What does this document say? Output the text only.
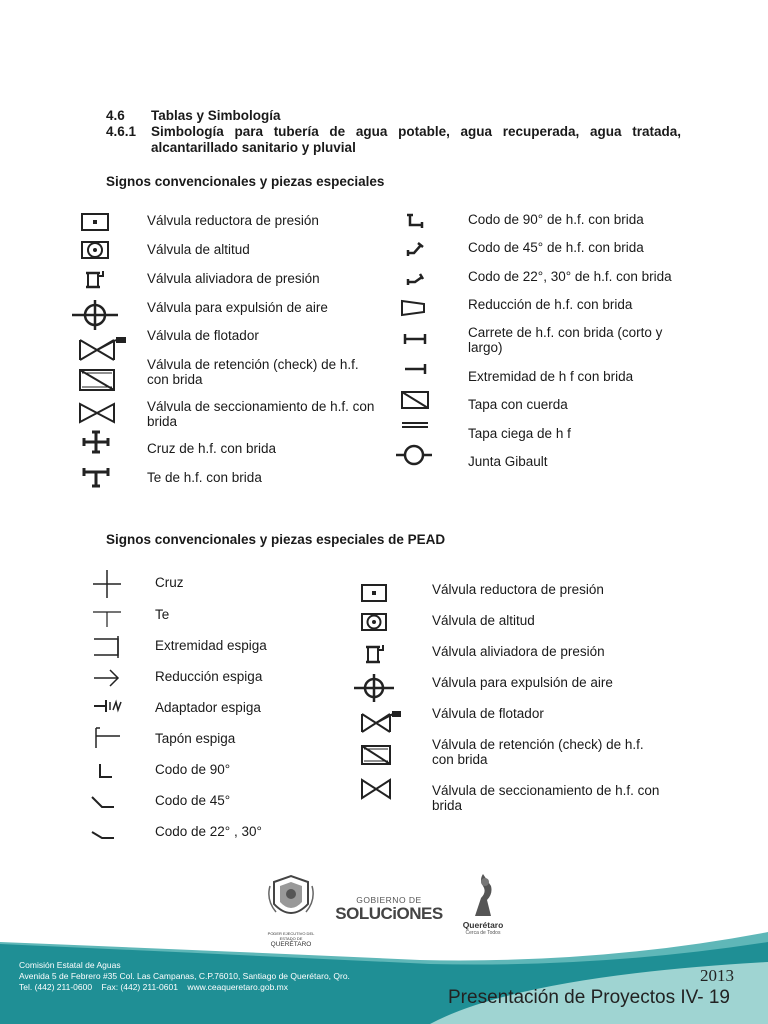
4.6 Tablas y Simbología
4.6.1 Simbología para tubería de agua potable, agua recuperada, agua tratada,
alcantarillado sanitario y pluvial
Signos convencionales y piezas especiales
Válvula reductora de presión
Válvula de altitud
Válvula aliviadora de presión
Válvula para expulsión de aire
Válvula de flotador
Válvula de retención (check) de h.f. con brida
Válvula de seccionamiento de h.f. con brida
Cruz de h.f. con brida
Te de h.f. con brida
Codo de 90° de h.f. con brida
Codo de 45° de h.f. con brida
Codo de 22°, 30° de h.f. con brida
Reducción de h.f. con brida
Carrete de h.f. con brida (corto y largo)
Extremidad de h f con brida
Tapa con cuerda
Tapa ciega de h f
Junta Gibault
Signos convencionales y piezas especiales de PEAD
Cruz
Te
Extremidad espiga
Reducción espiga
Adaptador espiga
Tapón espiga
Codo de 90°
Codo de 45°
Codo de 22° , 30°
Válvula reductora de presión
Válvula de altitud
Válvula aliviadora de presión
Válvula para expulsión de aire
Válvula de flotador
Válvula de retención (check) de h.f. con brida
Válvula de seccionamiento de h.f. con brida
PODER EJECUTIVO DEL ESTADO DE
QUERÉTARO
GOBIERNO DE
SOLUCiONES
Querétaro
Cerca de Todos
Comisión Estatal de Aguas
Avenida 5 de Febrero #35 Col. Las Campanas, C.P.76010, Santiago de Querétaro, Qro.
Tel. (442) 211-0600    Fax: (442) 211-0601    www.ceaqueretaro.gob.mx
2013
Presentación de Proyectos IV- 19
